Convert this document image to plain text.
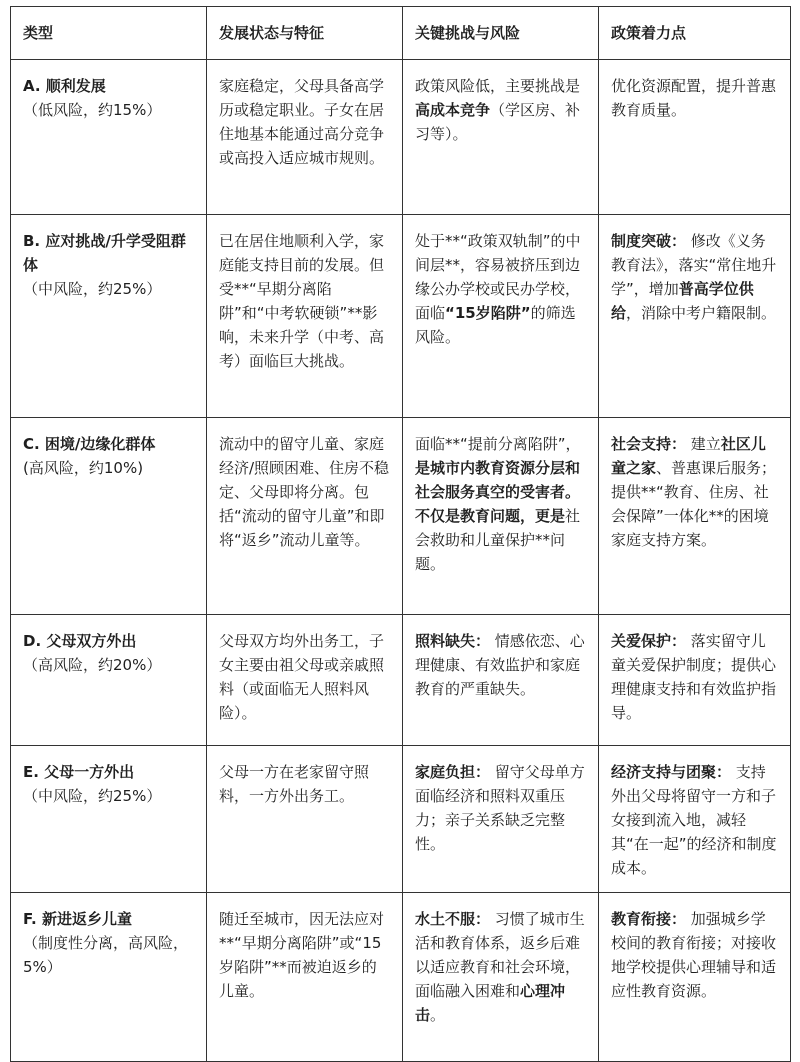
类型	发展状态与特征	关键挑战与风险	政策着力点

A. 顺利发展
（低风险，约15%）	家庭稳定，父母具备高学历或稳定职业。子女在居住地基本能通过高分竞争或高投入适应城市规则。	政策风险低，主要挑战是高成本竞争（学区房、补习等）。	优化资源配置，提升普惠教育质量。

B. 应对挑战/升学受阻群体
（中风险，约25%）	已在居住地顺利入学，家庭能支持目前的发展。但受**“早期分离陷阱”和“中考软硬锁”**影响，未来升学（中考、高考）面临巨大挑战。	处于**“政策双轨制”的中间层**，容易被挤压到边缘公办学校或民办学校，面临“15岁陷阱”的筛选风险。	制度突破： 修改《义务教育法》，落实“常住地升学”，增加普高学位供给，消除中考户籍限制。

C. 困境/边缘化群体
(高风险，约10%)	流动中的留守儿童、家庭经济/照顾困难、住房不稳定、父母即将分离。包括“流动的留守儿童”和即将“返乡”流动儿童等。	面临**“提前分离陷阱”，是城市内教育资源分层和社会服务真空的受害者。不仅是教育问题，更是社会救助和儿童保护**问题。	社会支持： 建立社区儿童之家、普惠课后服务；提供**“教育、住房、社会保障”一体化**的困境家庭支持方案。

D. 父母双方外出
（高风险，约20%）	父母双方均外出务工，子女主要由祖父母或亲戚照料（或面临无人照料风险）。	照料缺失： 情感依恋、心理健康、有效监护和家庭教育的严重缺失。	关爱保护： 落实留守儿童关爱保护制度；提供心理健康支持和有效监护指导。

E. 父母一方外出
（中风险，约25%）	父母一方在老家留守照料，一方外出务工。	家庭负担： 留守父母单方面临经济和照料双重压力；亲子关系缺乏完整性。	经济支持与团聚： 支持外出父母将留守一方和子女接到流入地，减轻其“在一起”的经济和制度成本。

F. 新进返乡儿童
（制度性分离，高风险，5%）	随迁至城市，因无法应对**“早期分离陷阱”或“15岁陷阱”**而被迫返乡的儿童。	水土不服： 习惯了城市生活和教育体系，返乡后难以适应教育和社会环境，面临融入困难和心理冲击。	教育衔接： 加强城乡学校间的教育衔接；对接收地学校提供心理辅导和适应性教育资源。
